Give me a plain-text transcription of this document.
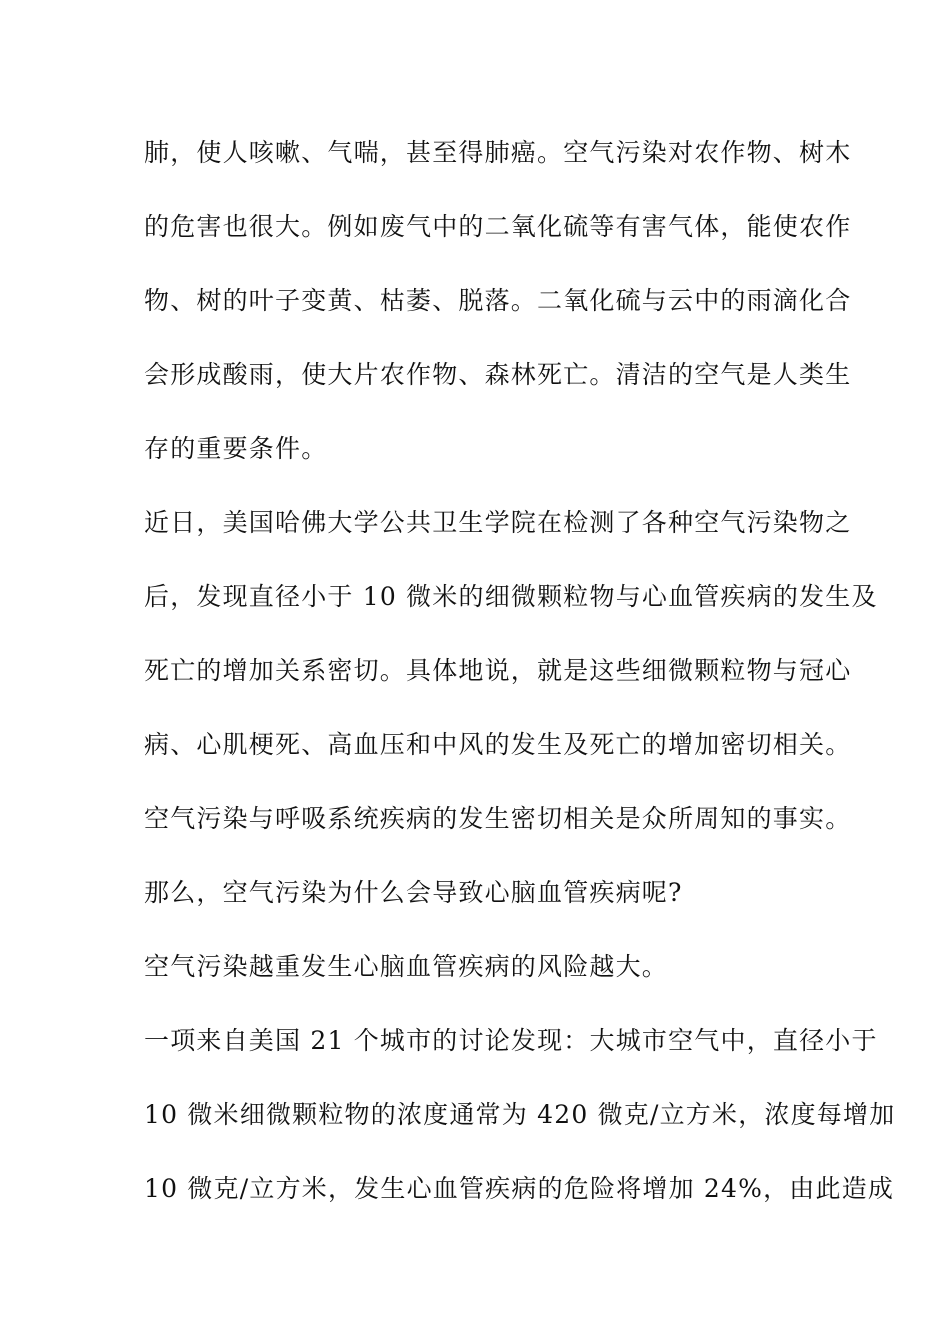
肺，使人咳嗽、气喘，甚至得肺癌。空气污染对农作物、树木
的危害也很大。例如废气中的二氧化硫等有害气体，能使农作
物、树的叶子变黄、枯萎、脱落。二氧化硫与云中的雨滴化合
会形成酸雨，使大片农作物、森林死亡。清洁的空气是人类生
存的重要条件。
近日，美国哈佛大学公共卫生学院在检测了各种空气污染物之
后，发现直径小于 10 微米的细微颗粒物与心血管疾病的发生及
死亡的增加关系密切。具体地说，就是这些细微颗粒物与冠心
病、心肌梗死、高血压和中风的发生及死亡的增加密切相关。
空气污染与呼吸系统疾病的发生密切相关是众所周知的事实。
那么，空气污染为什么会导致心脑血管疾病呢?
空气污染越重发生心脑血管疾病的风险越大。
一项来自美国 21 个城市的讨论发现：大城市空气中，直径小于
10 微米细微颗粒物的浓度通常为 420 微克/立方米，浓度每增加
10 微克/立方米，发生心血管疾病的危险将增加 24%，由此造成
